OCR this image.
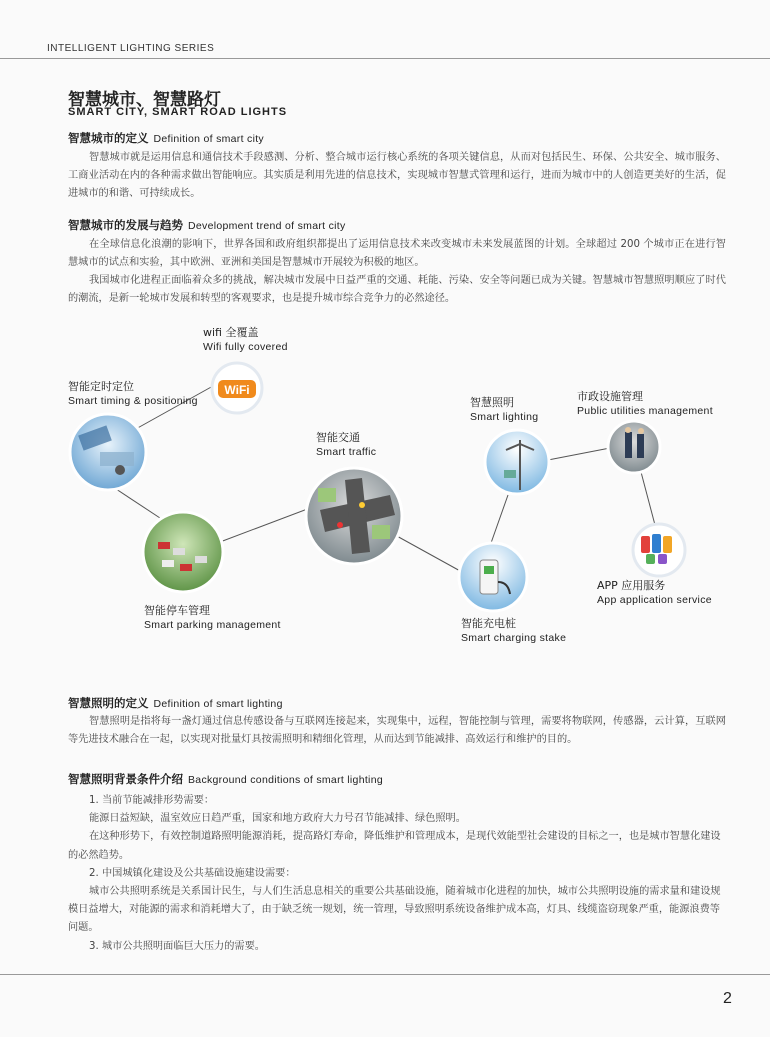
INTELLIGENT LIGHTING SERIES
智慧城市、智慧路灯
SMART CITY, SMART ROAD LIGHTS
智慧城市的定义 Definition of smart city

智慧城市就是运用信息和通信技术手段感测、分析、整合城市运行核心系统的各项关键信息，从而对包括民生、环保、公共安全、城市服务、工商业活动在内的各种需求做出智能响应。其实质是利用先进的信息技术，实现城市智慧式管理和运行，进而为城市中的人创造更美好的生活，促进城市的和谐、可持续成长。

智慧城市的发展与趋势 Development trend of smart city

在全球信息化浪潮的影响下，世界各国和政府组织都提出了运用信息技术来改变城市未来发展蓝图的计划。全球超过 200 个城市正在进行智慧城市的试点和实验，其中欧洲、亚洲和美国是智慧城市开展较为积极的地区。

我国城市化进程正面临着众多的挑战，解决城市发展中日益严重的交通、耗能、污染、安全等问题已成为关键。智慧城市智慧照明顺应了时代的潮流，是新一轮城市发展和转型的客观要求，也是提升城市综合竞争力的必然途径。

WiFi
wifi 全覆盖
Wifi fully covered
智能定时定位
Smart timing & positioning
智能交通
Smart traffic
智慧照明
Smart lighting
市政设施管理
Public utilities management
APP 应用服务
App application service
智能停车管理
Smart parking management	智能充电桩
Smart charging stake
智慧照明的定义 Definition of smart lighting

智慧照明是指将每一盏灯通过信息传感设备与互联网连接起来，实现集中，远程，智能控制与管理，需要将物联网，传感器，云计算，互联网等先进技术融合在一起，以实现对批量灯具按需照明和精细化管理，从而达到节能减排、高效运行和维护的目的。

智慧照明背景条件介绍 Background conditions of smart lighting
1. 当前节能减排形势需要：
能源日益短缺，温室效应日趋严重，国家和地方政府大力号召节能减排、绿色照明。
在这种形势下，有效控制道路照明能源消耗，提高路灯寿命，降低维护和管理成本，是现代效能型社会建设的目标之一，也是城市智慧化建设的必然趋势。
2. 中国城镇化建设及公共基础设施建设需要：
城市公共照明系统是关系国计民生，与人们生活息息相关的重要公共基础设施，随着城市化进程的加快，城市公共照明设施的需求量和建设规模日益增大，对能源的需求和消耗增大了，由于缺乏统一规划，统一管理，导致照明系统设备维护成本高，灯具、线缆盗窃现象严重，能源浪费等问题。
3. 城市公共照明面临巨大压力的需要。
2
